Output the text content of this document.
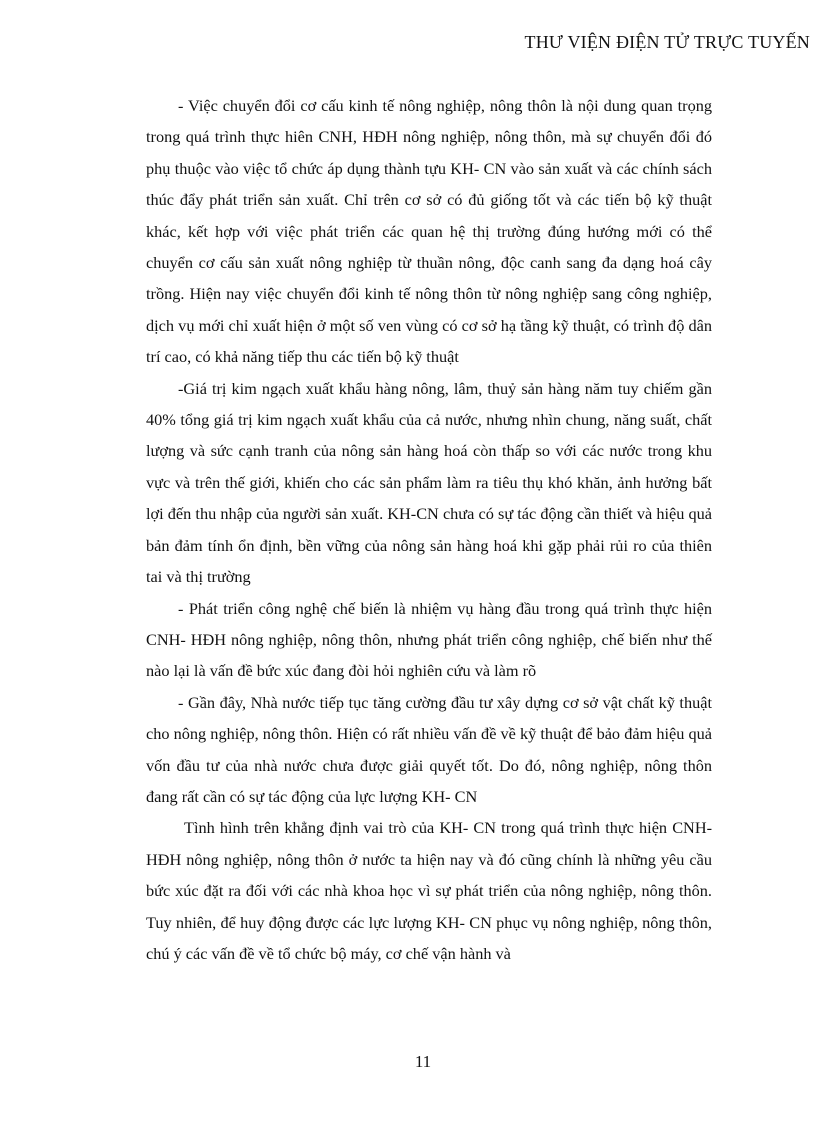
THƯ VIỆN ĐIỆN TỬ TRỰC TUYẾN

- Việc chuyển đổi cơ cấu kinh tế nông nghiệp, nông thôn là nội dung quan trọng trong quá trình thực hiên CNH, HĐH nông nghiệp, nông thôn, mà sự chuyển đổi đó phụ thuộc vào việc tổ chức áp dụng thành tựu KH- CN vào sản xuất và các chính sách thúc đẩy phát triển sản xuất. Chỉ trên cơ sở có đủ giống tốt và các tiến bộ kỹ thuật khác, kết hợp với việc phát triển các quan hệ thị trường đúng hướng mới có thể chuyển cơ cấu sản xuất nông nghiệp từ thuần nông, độc canh sang đa dạng hoá cây trồng. Hiện nay việc chuyển đổi kinh tế nông thôn từ nông nghiệp sang công nghiệp, dịch vụ mới chỉ xuất hiện ở một số ven vùng có cơ sở hạ tầng kỹ thuật, có trình độ dân trí cao, có khả năng tiếp thu các tiến bộ kỹ thuật

-Giá trị kim ngạch xuất khẩu hàng nông, lâm, thuỷ sản hàng năm tuy chiếm gần 40% tổng giá trị kim ngạch xuất khẩu của cả nước, nhưng nhìn chung, năng suất, chất lượng và sức cạnh tranh của nông sản hàng hoá còn thấp so với các nước trong khu vực và trên thế giới, khiến cho các sản phẩm làm ra tiêu thụ khó khăn, ảnh hưởng bất lợi đến thu nhập của người sản xuất. KH-CN chưa có sự tác động cần thiết và hiệu quả bản đảm tính ổn định, bền vững của nông sản hàng hoá khi gặp phải rủi ro của thiên tai và thị trường

- Phát triển công nghệ chế biến là nhiệm vụ hàng đầu trong quá trình thực hiện CNH- HĐH nông nghiệp, nông thôn, nhưng phát triển công nghiệp, chế biến như thế nào lại là vấn đề bức xúc đang đòi hỏi nghiên cứu và làm rõ

- Gần đây, Nhà nước tiếp tục tăng cường đầu tư xây dựng cơ sở vật chất kỹ thuật cho nông nghiệp, nông thôn. Hiện có rất nhiều vấn đề về kỹ thuật để bảo đảm hiệu quả vốn đầu tư của nhà nước chưa được giải quyết tốt. Do đó, nông nghiệp, nông thôn đang rất cần có sự tác động của lực lượng KH- CN

Tình hình trên khẳng định vai trò của KH- CN trong quá trình thực hiện CNH- HĐH nông nghiệp, nông thôn ở nước ta hiện nay và đó cũng chính là những yêu cầu bức xúc đặt ra đối với các nhà khoa học vì sự phát triển của nông nghiệp, nông thôn. Tuy nhiên, để huy động được các lực lượng KH- CN phục vụ nông nghiệp, nông thôn, chú ý các vấn đề về tổ chức bộ máy, cơ chế vận hành và

11
